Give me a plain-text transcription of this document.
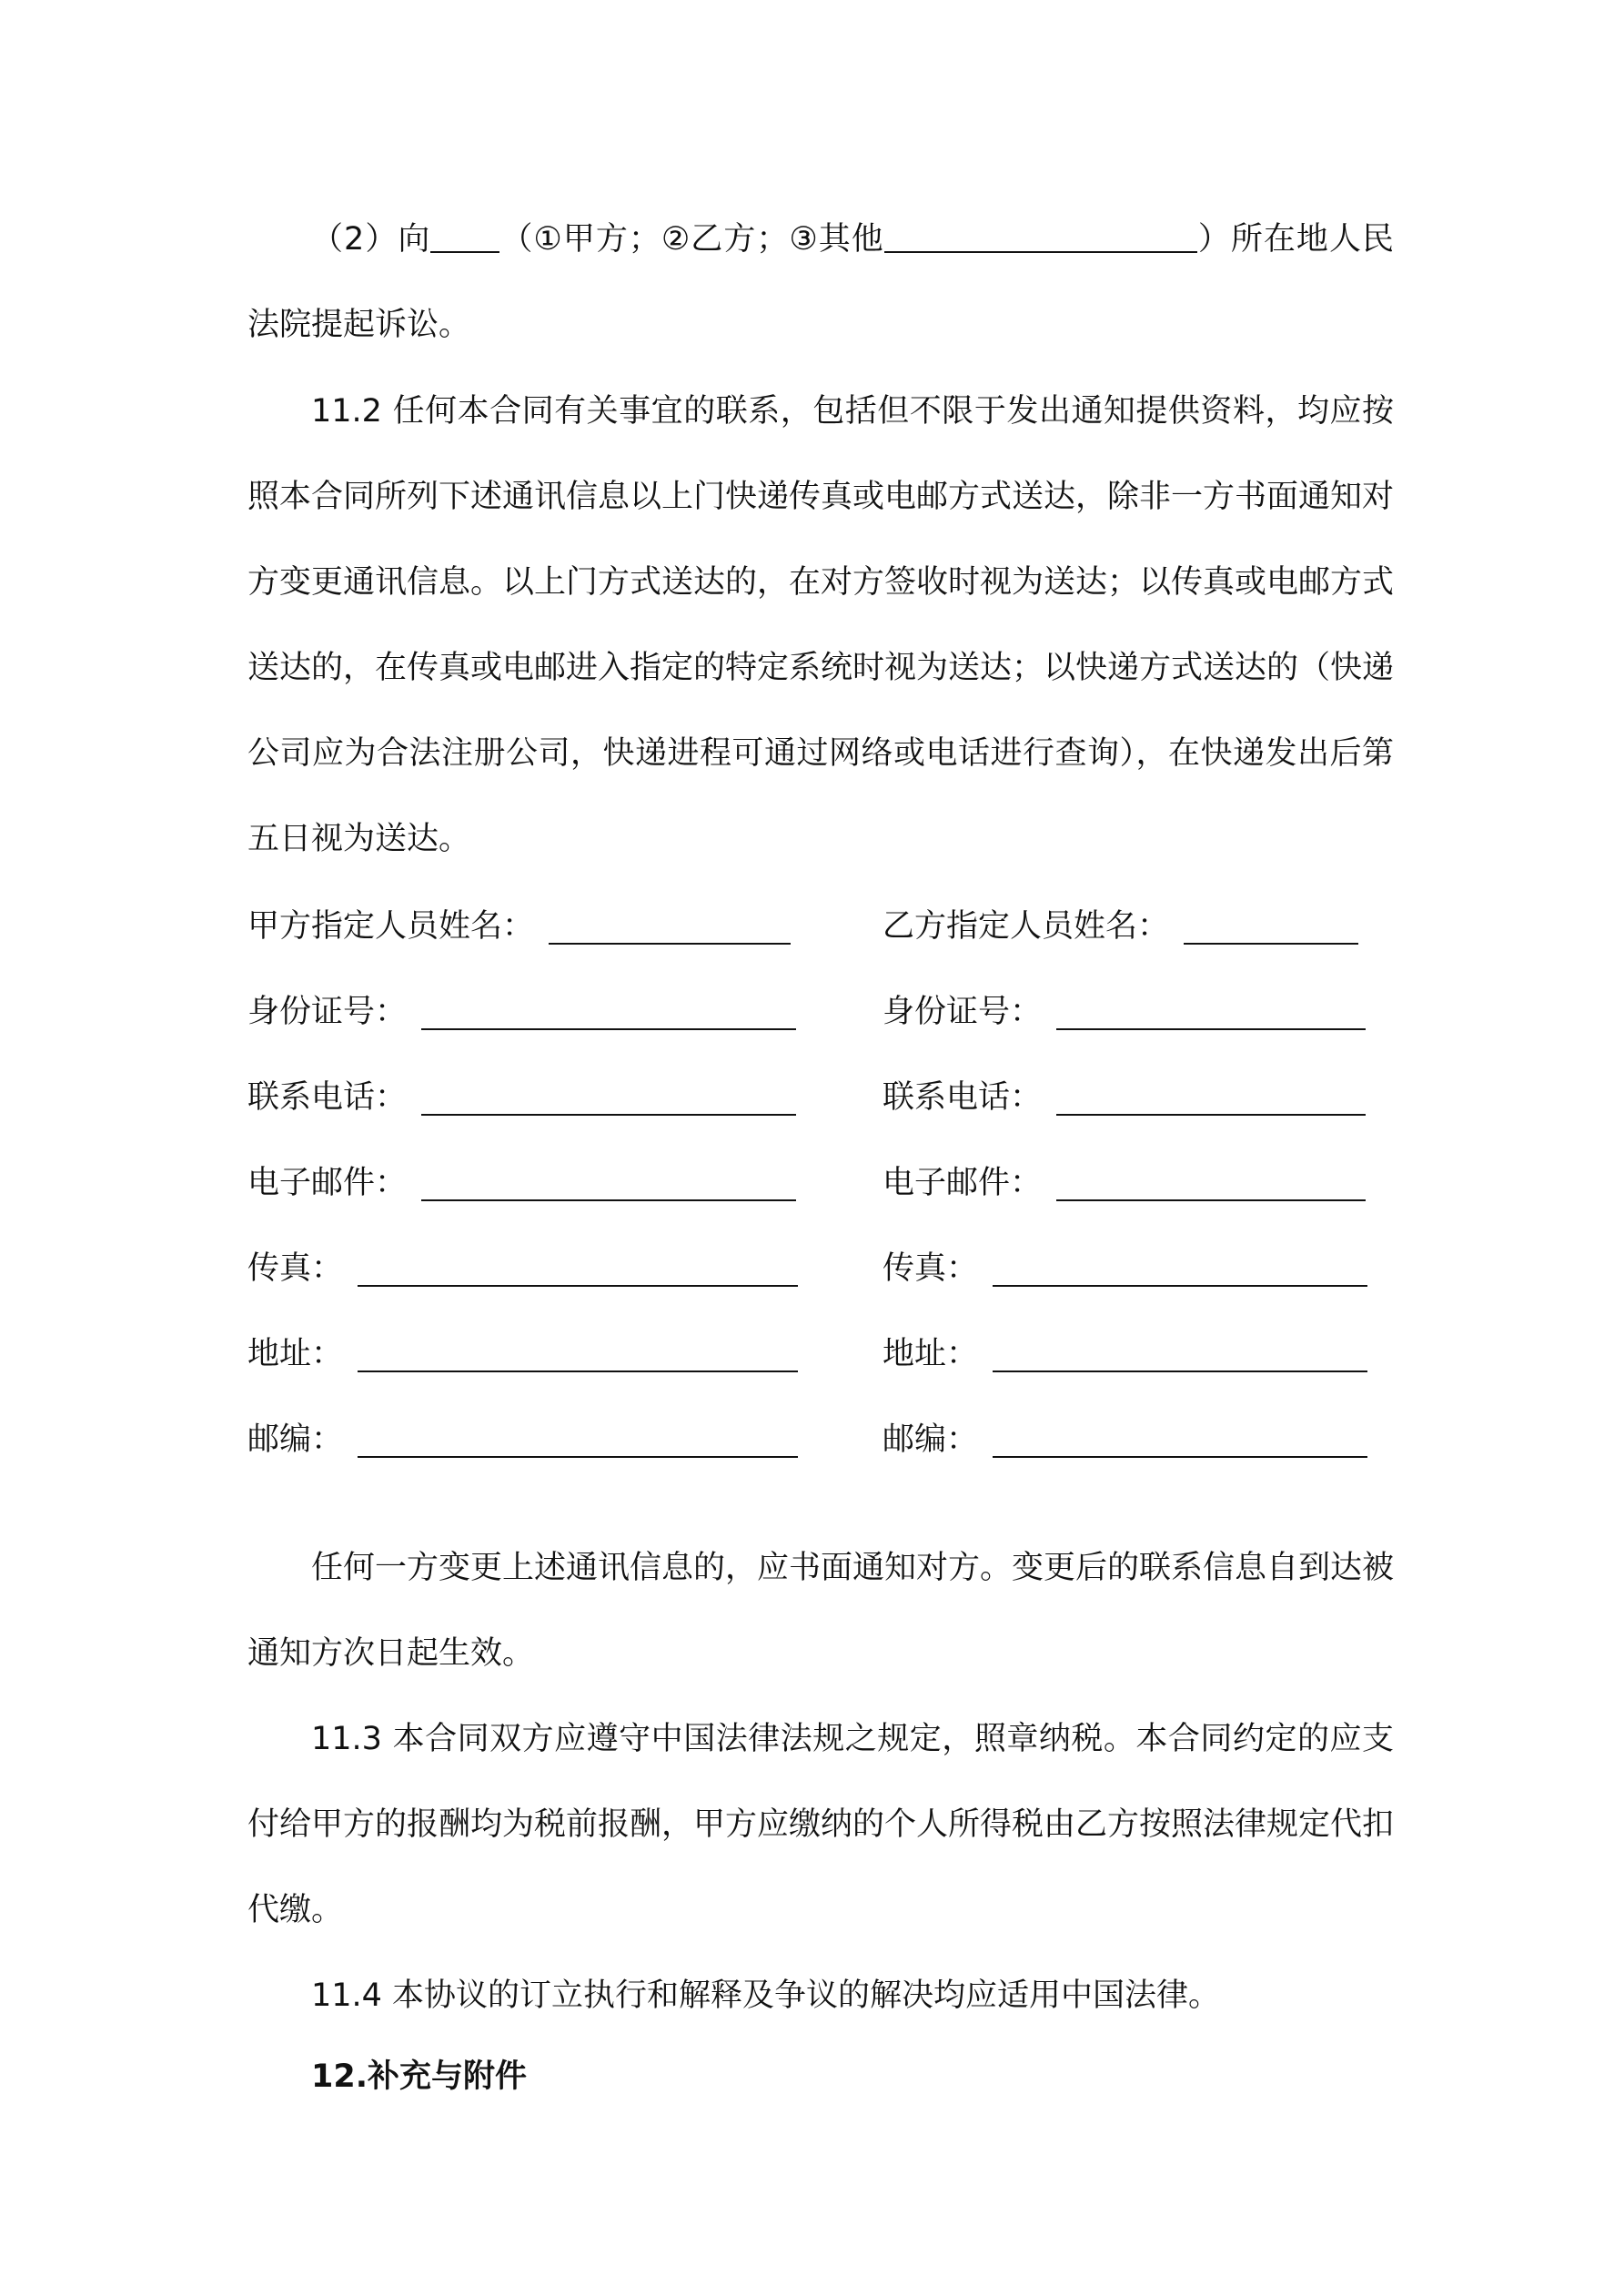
（2）向 （①甲方；②乙方；③其他	）所在地人民法院提起诉讼。

11.2 任何本合同有关事宜的联系，包括但不限于发出通知提供资料，均应按照本合同所列下述通讯信息以上门快递传真或电邮方式送达，除非一方书面通知对方变更通讯信息。以上门方式送达的，在对方签收时视为送达；以传真或电邮方式送达的，在传真或电邮进入指定的特定系统时视为送达；以快递方式送达的（快递公司应为合法注册公司，快递进程可通过网络或电话进行查询），在快递发出后第五日视为送达。

甲方指定人员姓名：
身份证号：
联系电话：
电子邮件：
传真：
地址：
邮编：
乙方指定人员姓名：
身份证号：
联系电话：
电子邮件：
传真：
地址：
邮编：

任何一方变更上述通讯信息的，应书面通知对方。变更后的联系信息自到达被通知方次日起生效。

11.3 本合同双方应遵守中国法律法规之规定，照章纳税。本合同约定的应支付给甲方的报酬均为税前报酬，甲方应缴纳的个人所得税由乙方按照法律规定代扣代缴。

11.4 本协议的订立执行和解释及争议的解决均应适用中国法律。

12.补充与附件
